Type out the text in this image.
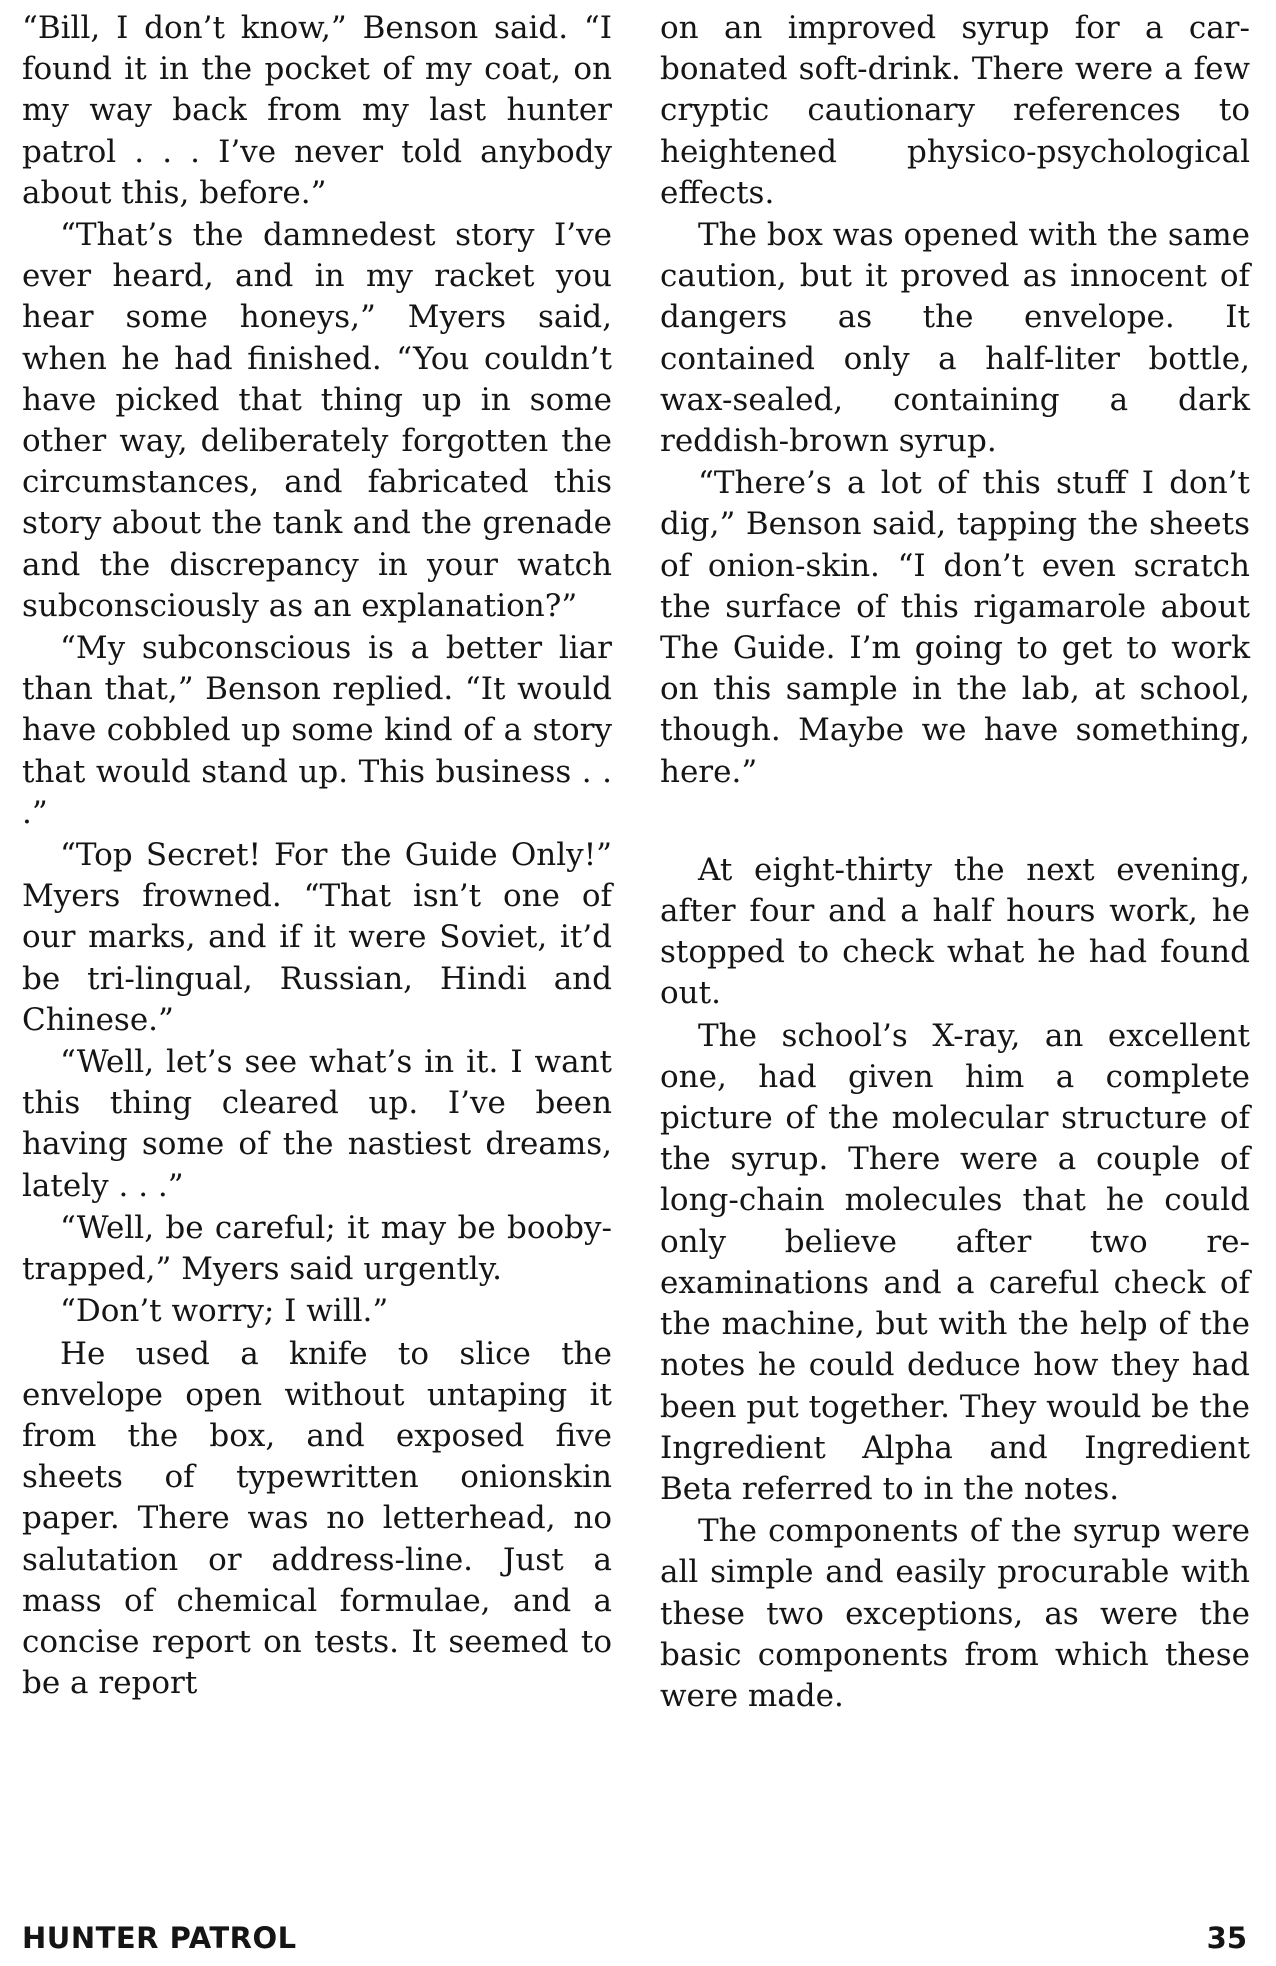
“Bill, I don’t know,” Benson said. “I found it in the pocket of my coat, on my way back from my last hunter patrol . . . I’ve never told anybody about this, before.”

“That’s the damnedest story I’ve ever heard, and in my racket you hear some honeys,” Myers said, when he had finished. “You couldn’t have picked that thing up in some other way, deliberately forgotten the circumstances, and fabricated this story about the tank and the grenade and the discrepancy in your watch subconsciously as an explanation?”

“My subconscious is a better liar than that,” Benson replied. “It would have cobbled up some kind of a story that would stand up. This business . . .”

“Top Secret! For the Guide Only!” Myers frowned. “That isn’t one of our marks, and if it were Soviet, it’d be tri-lingual, Russian, Hindi and Chinese.”

“Well, let’s see what’s in it. I want this thing cleared up. I’ve been having some of the nastiest dreams, lately . . .”

“Well, be careful; it may be booby-trapped,” Myers said urgently.

“Don’t worry; I will.”

He used a knife to slice the envelope open without untaping it from the box, and exposed five sheets of typewritten onionskin paper. There was no letterhead, no salutation or address-line. Just a mass of chemical formulae, and a concise report on tests. It seemed to be a report

on an improved syrup for a carbonated soft-drink. There were a few cryptic cautionary references to heightened physico-psychological effects.

The box was opened with the same caution, but it proved as innocent of dangers as the envelope. It contained only a half-liter bottle, wax-sealed, containing a dark reddish-brown syrup.

“There’s a lot of this stuff I don’t dig,” Benson said, tapping the sheets of onion-skin. “I don’t even scratch the surface of this rigamarole about The Guide. I’m going to get to work on this sample in the lab, at school, though. Maybe we have something, here.”

At eight-thirty the next evening, after four and a half hours work, he stopped to check what he had found out.

The school’s X-ray, an excellent one, had given him a complete picture of the molecular structure of the syrup. There were a couple of long-chain molecules that he could only believe after two re-examinations and a careful check of the machine, but with the help of the notes he could deduce how they had been put together. They would be the Ingredient Alpha and Ingredient Beta referred to in the notes.

The components of the syrup were all simple and easily procurable with these two exceptions, as were the basic components from which these were made.

HUNTER PATROL	35
